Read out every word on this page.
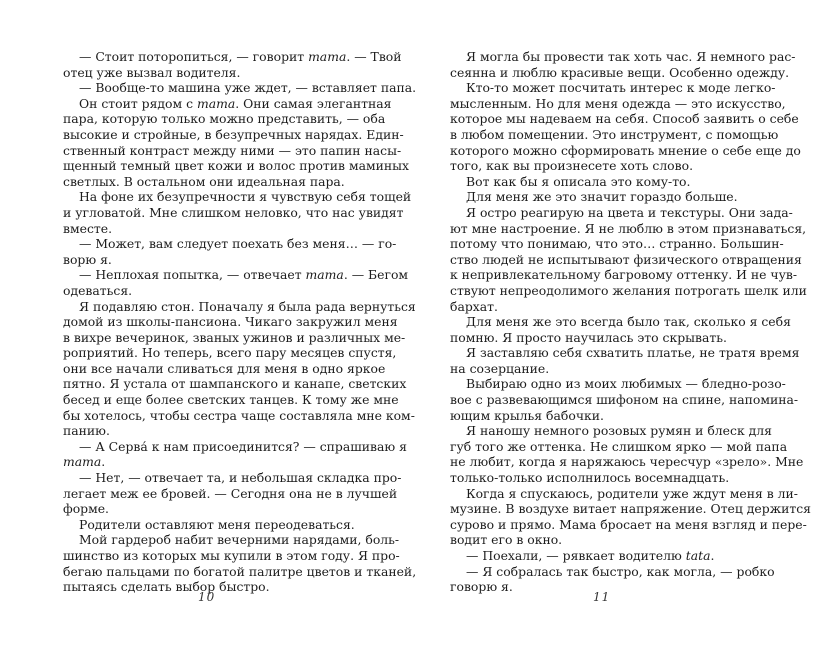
— Стоит поторопиться, — говорит mama. — Твой
отец уже вызвал водителя.
— Вообще-то машина уже ждет, — вставляет папа.
Он стоит рядом с mama. Они самая элегантная
пара, которую только можно представить, — оба
высокие и стройные, в безупречных нарядах. Един-
ственный контраст между ними — это папин насы-
щенный темный цвет кожи и волос против маминых
светлых. В остальном они идеальная пара.
На фоне их безупречности я чувствую себя тощей
и угловатой. Мне слишком неловко, что нас увидят
вместе.
— Может, вам следует поехать без меня… — го-
ворю я.
— Неплохая попытка, — отвечает mama. — Бегом
одеваться.
Я подавляю стон. Поначалу я была рада вернуться
домой из школы-пансиона. Чикаго закружил меня
в вихре вечеринок, званых ужинов и различных ме-
роприятий. Но теперь, всего пару месяцев спустя,
они все начали сливаться для меня в одно яркое
пятно. Я устала от шампанского и канапе, светских
бесед и еще более светских танцев. К тому же мне
бы хотелось, чтобы сестра чаще составляла мне ком-
панию.
— А Серва́ к нам присоединится? — спрашиваю я
mama.
— Нет, — отвечает та, и небольшая складка про-
легает меж ее бровей. — Сегодня она не в лучшей
форме.
Родители оставляют меня переодеваться.
Мой гардероб набит вечерними нарядами, боль-
шинство из которых мы купили в этом году. Я про-
бегаю пальцами по богатой палитре цветов и тканей,
пытаясь сделать выбор быстро.
Я могла бы провести так хоть час. Я немного рас-
сеянна и люблю красивые вещи. Особенно одежду.
Кто-то может посчитать интерес к моде легко-
мысленным. Но для меня одежда — это искусство,
которое мы надеваем на себя. Способ заявить о себе
в любом помещении. Это инструмент, с помощью
которого можно сформировать мнение о себе еще до
того, как вы произнесете хоть слово.
Вот как бы я описала это кому-то.
Для меня же это значит гораздо больше.
Я остро реагирую на цвета и текстуры. Они зада-
ют мне настроение. Я не люблю в этом признаваться,
потому что понимаю, что это… странно. Большин-
ство людей не испытывают физического отвращения
к непривлекательному багровому оттенку. И не чув-
ствуют непреодолимого желания потрогать шелк или
бархат.
Для меня же это всегда было так, сколько я себя
помню. Я просто научилась это скрывать.
Я заставляю себя схватить платье, не тратя время
на созерцание.
Выбираю одно из моих любимых — бледно-розо-
вое с развевающимся шифоном на спине, напомина-
ющим крылья бабочки.
Я наношу немного розовых румян и блеск для
губ того же оттенка. Не слишком ярко — мой папа
не любит, когда я наряжаюсь чересчур «зрело». Мне
только-только исполнилось восемнадцать.
Когда я спускаюсь, родители уже ждут меня в ли-
музине. В воздухе витает напряжение. Отец держится
сурово и прямо. Мама бросает на меня взгляд и пере-
водит его в окно.
— Поехали, — рявкает водителю tata.
— Я собралась так быстро, как могла, — робко
говорю я.
10	11
